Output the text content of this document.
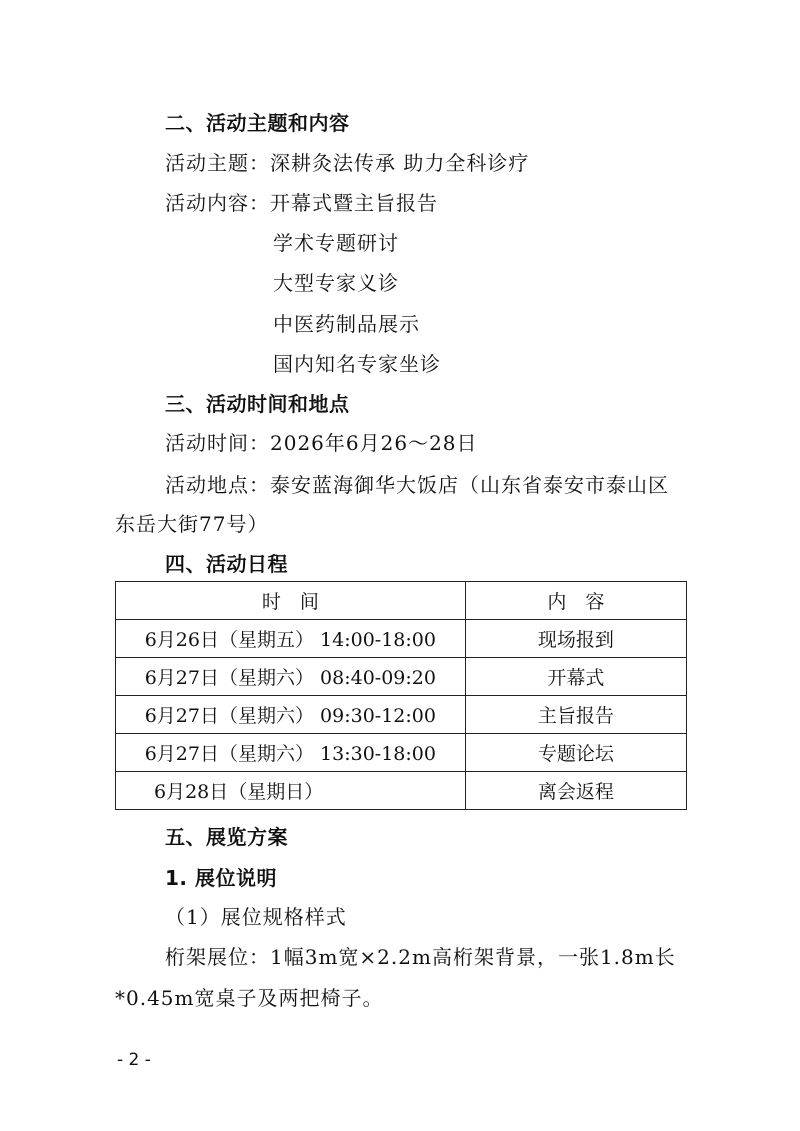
二、活动主题和内容
活动主题：深耕灸法传承 助力全科诊疗
活动内容：开幕式暨主旨报告
学术专题研讨
大型专家义诊
中医药制品展示
国内知名专家坐诊
三、活动时间和地点
活动时间：2026年6月26～28日
活动地点：泰安蓝海御华大饭店（山东省泰安市泰山区
东岳大街77号）
四、活动日程
时　间	内　容
6月26日（星期五） 14:00-18:00	现场报到
6月27日（星期六） 08:40-09:20	开幕式
6月27日（星期六） 09:30-12:00	主旨报告
6月27日（星期六） 13:30-18:00	专题论坛
6月28日（星期日）	离会返程
五、展览方案
1. 展位说明
（1）展位规格样式
桁架展位：1幅3m宽×2.2m高桁架背景，一张1.8m长
*0.45m宽桌子及两把椅子。
- 2 -
